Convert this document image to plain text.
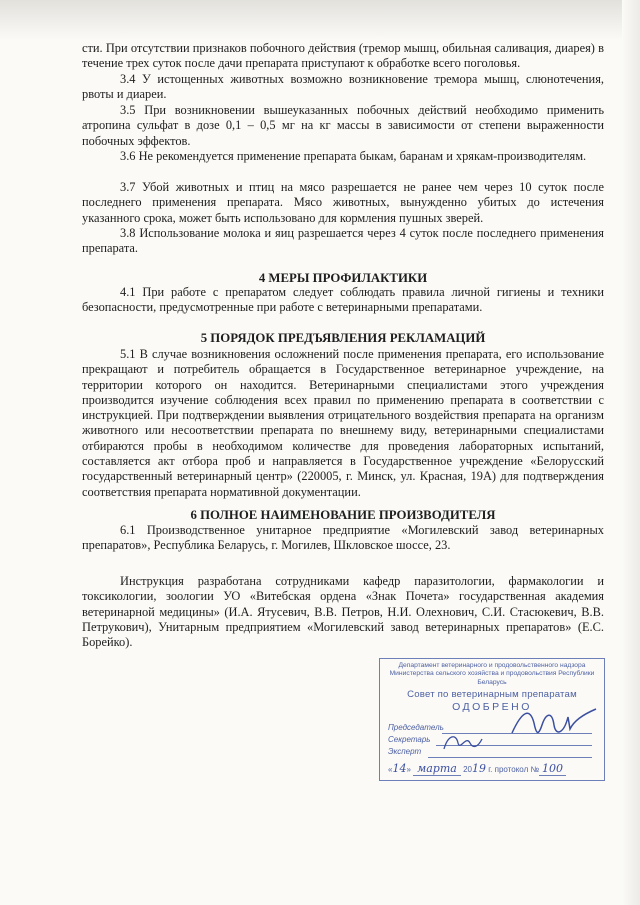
сти. При отсутствии признаков побочного действия (тремор мышц, обильная саливация, диарея) в течение трех суток после дачи препарата приступают к обработке всего поголовья.
3.4 У истощенных животных возможно возникновение тремора мышц, слюнотечения, рвоты и диареи.
3.5 При возникновении вышеуказанных побочных действий необходимо применить атропина сульфат в дозе 0,1 – 0,5 мг на кг массы в зависимости от степени выраженности побочных эффектов.
3.6 Не рекомендуется применение препарата быкам, баранам и хрякам-производителям.
3.7 Убой животных и птиц на мясо разрешается не ранее чем через 10 суток после последнего применения препарата. Мясо животных, вынужденно убитых до истечения указанного срока, может быть использовано для кормления пушных зверей.
3.8 Использование молока и яиц разрешается через 4 суток после последнего применения препарата.
4 МЕРЫ ПРОФИЛАКТИКИ
4.1 При работе с препаратом следует соблюдать правила личной гигиены и техники безопасности, предусмотренные при работе с ветеринарными препаратами.
5 ПОРЯДОК ПРЕДЪЯВЛЕНИЯ РЕКЛАМАЦИЙ
5.1 В случае возникновения осложнений после применения препарата, его использование прекращают и потребитель обращается в Государственное ветеринарное учреждение, на территории которого он находится. Ветеринарными специалистами этого учреждения производится изучение соблюдения всех правил по применению препарата в соответствии с инструкцией. При подтверждении выявления отрицательного воздействия препарата на организм животного или несоответствии препарата по внешнему виду, ветеринарными специалистами отбираются пробы в необходимом количестве для проведения лабораторных испытаний, составляется акт отбора проб и направляется в Государственное учреждение «Белорусский государственный ветеринарный центр» (220005, г. Минск, ул. Красная, 19А) для подтверждения соответствия препарата нормативной документации.
6 ПОЛНОЕ НАИМЕНОВАНИЕ ПРОИЗВОДИТЕЛЯ
6.1 Производственное унитарное предприятие «Могилевский завод ветеринарных препаратов», Республика Беларусь, г. Могилев, Шкловское шоссе, 23.
Инструкция разработана сотрудниками кафедр паразитологии, фармакологии и токсикологии, зоологии УО «Витебская ордена «Знак Почета» государственная академия ветеринарной медицины» (И.А. Ятусевич, В.В. Петров, Н.И. Олехнович, С.И. Стасюкевич, В.В. Петрукович), Унитарным предприятием «Могилевский завод ветеринарных препаратов» (Е.С. Борейко).
Департамент ветеринарного и продовольственного надзора Министерства сельского хозяйства и продовольствия Республики Беларусь
Совет по ветеринарным препаратам
ОДОБРЕНО
Председатель
Секретарь
Эксперт
«14» марта 2019 г. протокол № 100
